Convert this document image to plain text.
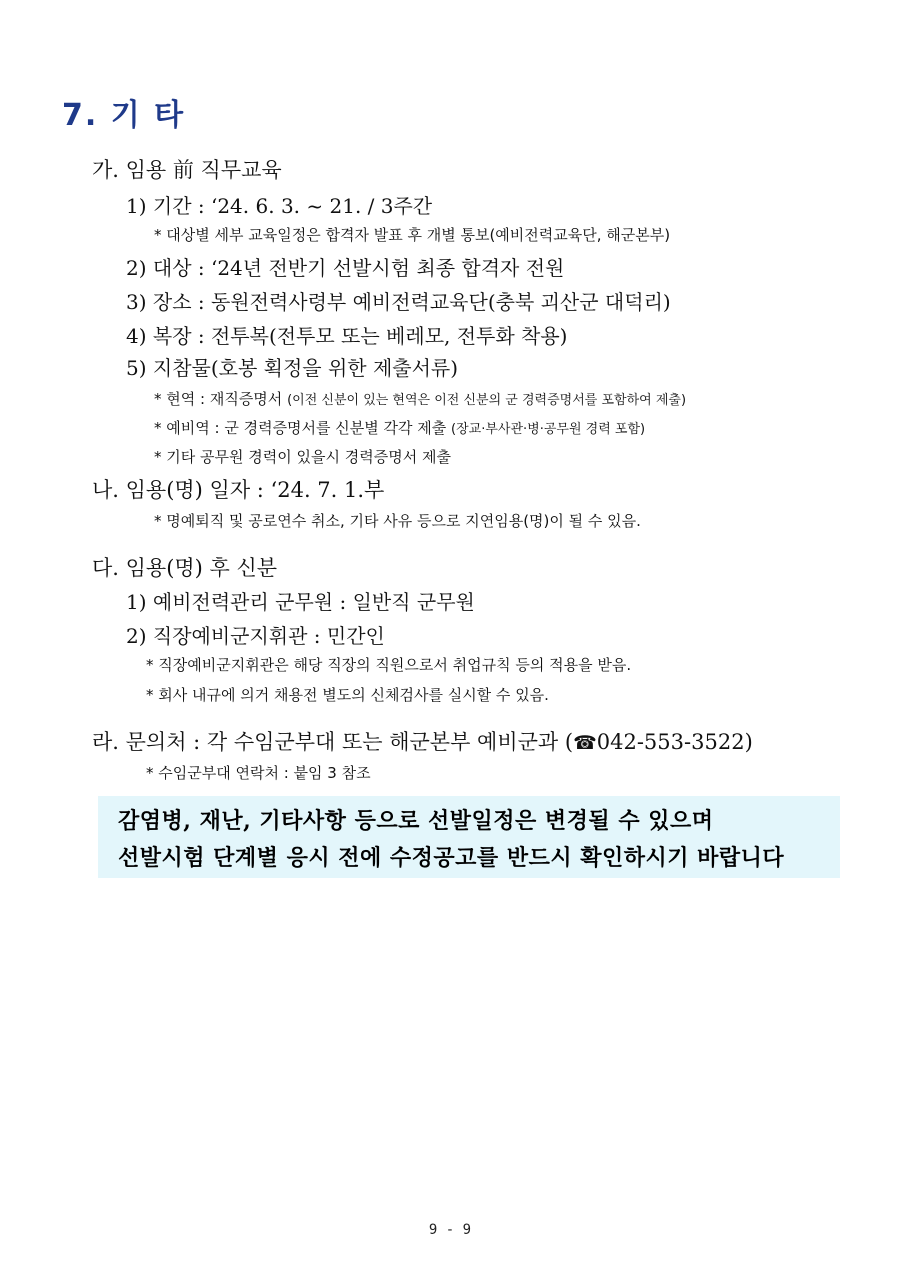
7. 기 타
가. 임용 前 직무교육
1) 기간 : ‘24. 6. 3. ~ 21. / 3주간
* 대상별 세부 교육일정은 합격자 발표 후 개별 통보(예비전력교육단, 해군본부)
2) 대상 : ‘24년 전반기 선발시험 최종 합격자 전원
3) 장소 : 동원전력사령부 예비전력교육단(충북 괴산군 대덕리)
4) 복장 : 전투복(전투모 또는 베레모, 전투화 착용)
5) 지참물(호봉 획정을 위한 제출서류)
* 현역 : 재직증명서 (이전 신분이 있는 현역은 이전 신분의 군 경력증명서를 포함하여 제출)
* 예비역 : 군 경력증명서를 신분별 각각 제출 (장교·부사관·병·공무원 경력 포함)
* 기타 공무원 경력이 있을시 경력증명서 제출
나. 임용(명) 일자 : ‘24. 7. 1.부
* 명예퇴직 및 공로연수 취소, 기타 사유 등으로 지연임용(명)이 될 수 있음.
다. 임용(명) 후 신분
1) 예비전력관리 군무원 : 일반직 군무원
2) 직장예비군지휘관 : 민간인
* 직장예비군지휘관은 해당 직장의 직원으로서 취업규칙 등의 적용을 받음.
* 회사 내규에 의거 채용전 별도의 신체검사를 실시할 수 있음.
라. 문의처 : 각 수임군부대 또는 해군본부 예비군과 (☎042-553-3522)
* 수임군부대 연락처 : 붙임 3 참조
감염병, 재난, 기타사항 등으로 선발일정은 변경될 수 있으며
선발시험 단계별 응시 전에 수정공고를 반드시 확인하시기 바랍니다
9 - 9
